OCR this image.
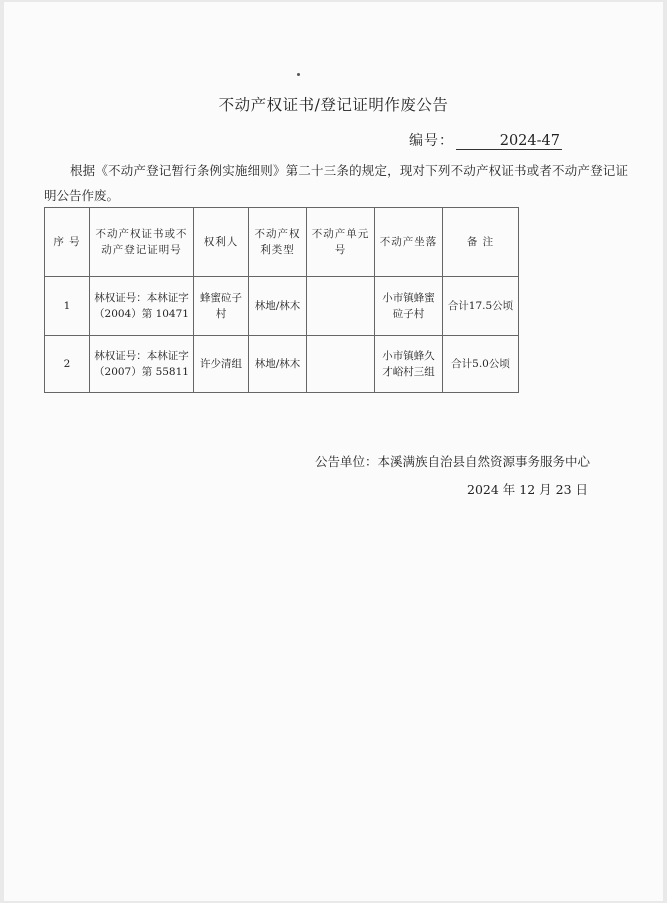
不动产权证书/登记证明作废公告
编号：	2024-47
根据《不动产登记暂行条例实施细则》第二十三条的规定，现对下列不动产权证书或者不动产登记证明公告作废。
序 号	不动产权证书或不动产登记证明号	权利人	不动产权利类型	不动产单元号	不动产坐落	备 注
1	林权证号：本林证字（2004）第 10471	蜂蜜砬子村	林地/林木		小市镇蜂蜜砬子村	合计17.5公顷
2	林权证号：本林证字（2007）第 55811	许少清组	林地/林木		小市镇蜂久才峪村三组	合计5.0公顷
公告单位：本溪满族自治县自然资源事务服务中心
2024 年 12 月 23 日
